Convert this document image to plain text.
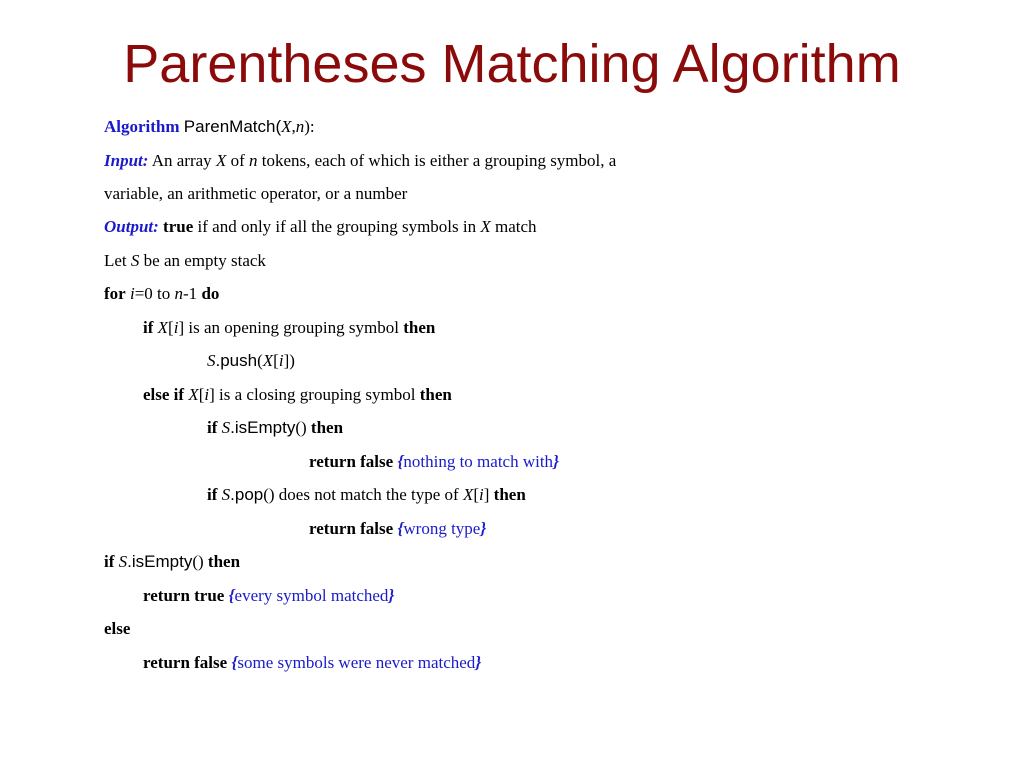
Parentheses Matching Algorithm
Algorithm ParenMatch(X,n):
Input: An array X of n tokens, each of which is either a grouping symbol, a
variable, an arithmetic operator, or a number
Output: true if and only if all the grouping symbols in X match
Let S be an empty stack
for i=0 to n-1 do
if X[i] is an opening grouping symbol then
S.push(X[i])
else if X[i] is a closing grouping symbol then
if S.isEmpty() then
return false {nothing to match with}
if S.pop() does not match the type of X[i] then
return false {wrong type}
if S.isEmpty() then
return true {every symbol matched}
else
return false {some symbols were never matched}
